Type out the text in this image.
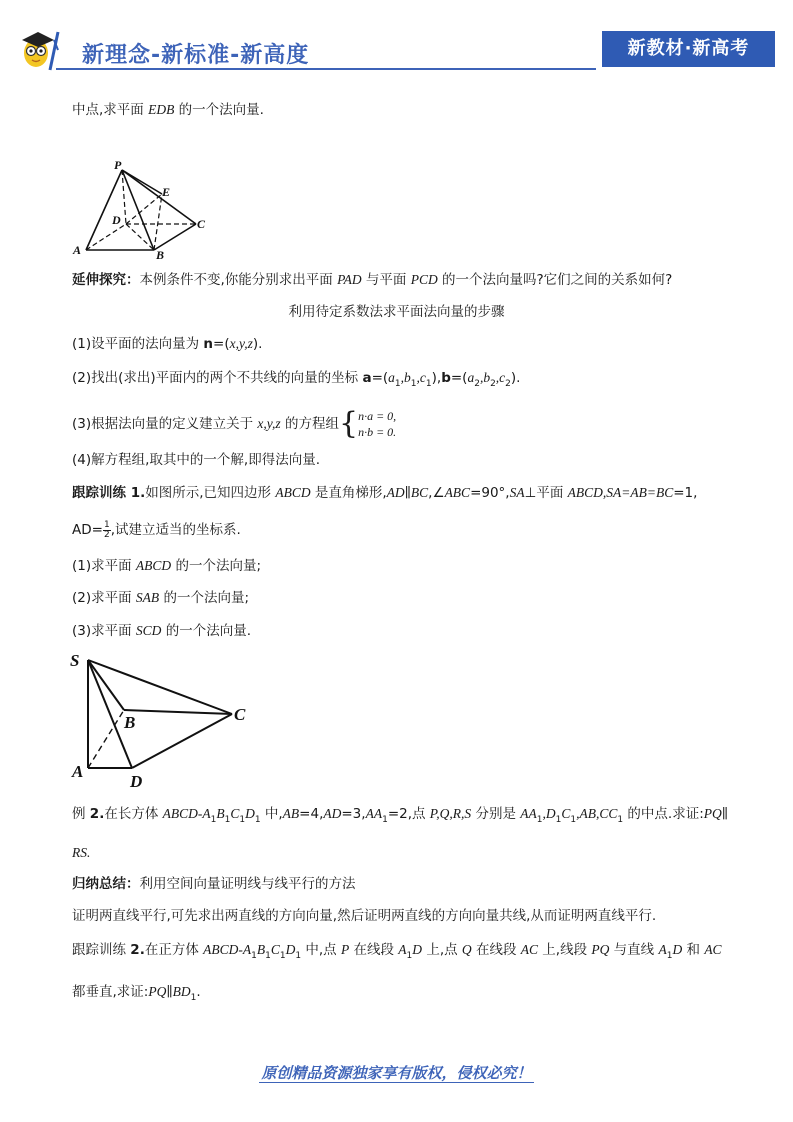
新理念-新标准-新高度	新教材·新高考
中点,求平面 EDB 的一个法向量.
P
E
D	C
A	B
延伸探究：本例条件不变,你能分别求出平面 PAD 与平面 PCD 的一个法向量吗?它们之间的关系如何?
利用待定系数法求平面法向量的步骤
(1)设平面的法向量为 n=(x,y,z).
(2)找出(求出)平面内的两个不共线的向量的坐标 $a=(a_1,b_1,c_1),b=(a_2,b_2,c_2)$.
(3)根据法向量的定义建立关于 x,y,z 的方程组{ n·a = 0,
n·b = 0.
(4)解方程组,取其中的一个解,即得法向量.
跟踪训练 1.如图所示,已知四边形 ABCD 是直角梯形,AD∥BC,∠ABC=90°,SA⊥平面 ABCD,SA=AB=BC=1,
$AD= \frac{1}{2}$ ,试建立适当的坐标系.
(1)求平面 ABCD 的一个法向量;
(2)求平面 SAB 的一个法向量;
(3)求平面 SCD 的一个法向量.
S
B	C
A
D
例 2.在长方体 ABCD-$A_1B_1C_1D_1$ 中$,AB=4,AD=3,AA_1=2$,点 P,Q,R,S 分别是 $AA_1,D_1C_1,AB,CC_1$ 的中点.求证:PQ∥
RS.
归纳总结：利用空间向量证明线与线平行的方法
证明两直线平行,可先求出两直线的方向向量,然后证明两直线的方向向量共线,从而证明两直线平行.
跟踪训练 2.在正方体 ABCD-$A_1B_1C_1D_1$ 中,点 P 在线段 $A_1D$ 上,点 Q 在线段 AC 上,线段 PQ 与直线 $A_1D$ 和 AC
都垂直,求证$:PQ\parallel BD_1$.
原创精品资源独家享有版权，侵权必究！
